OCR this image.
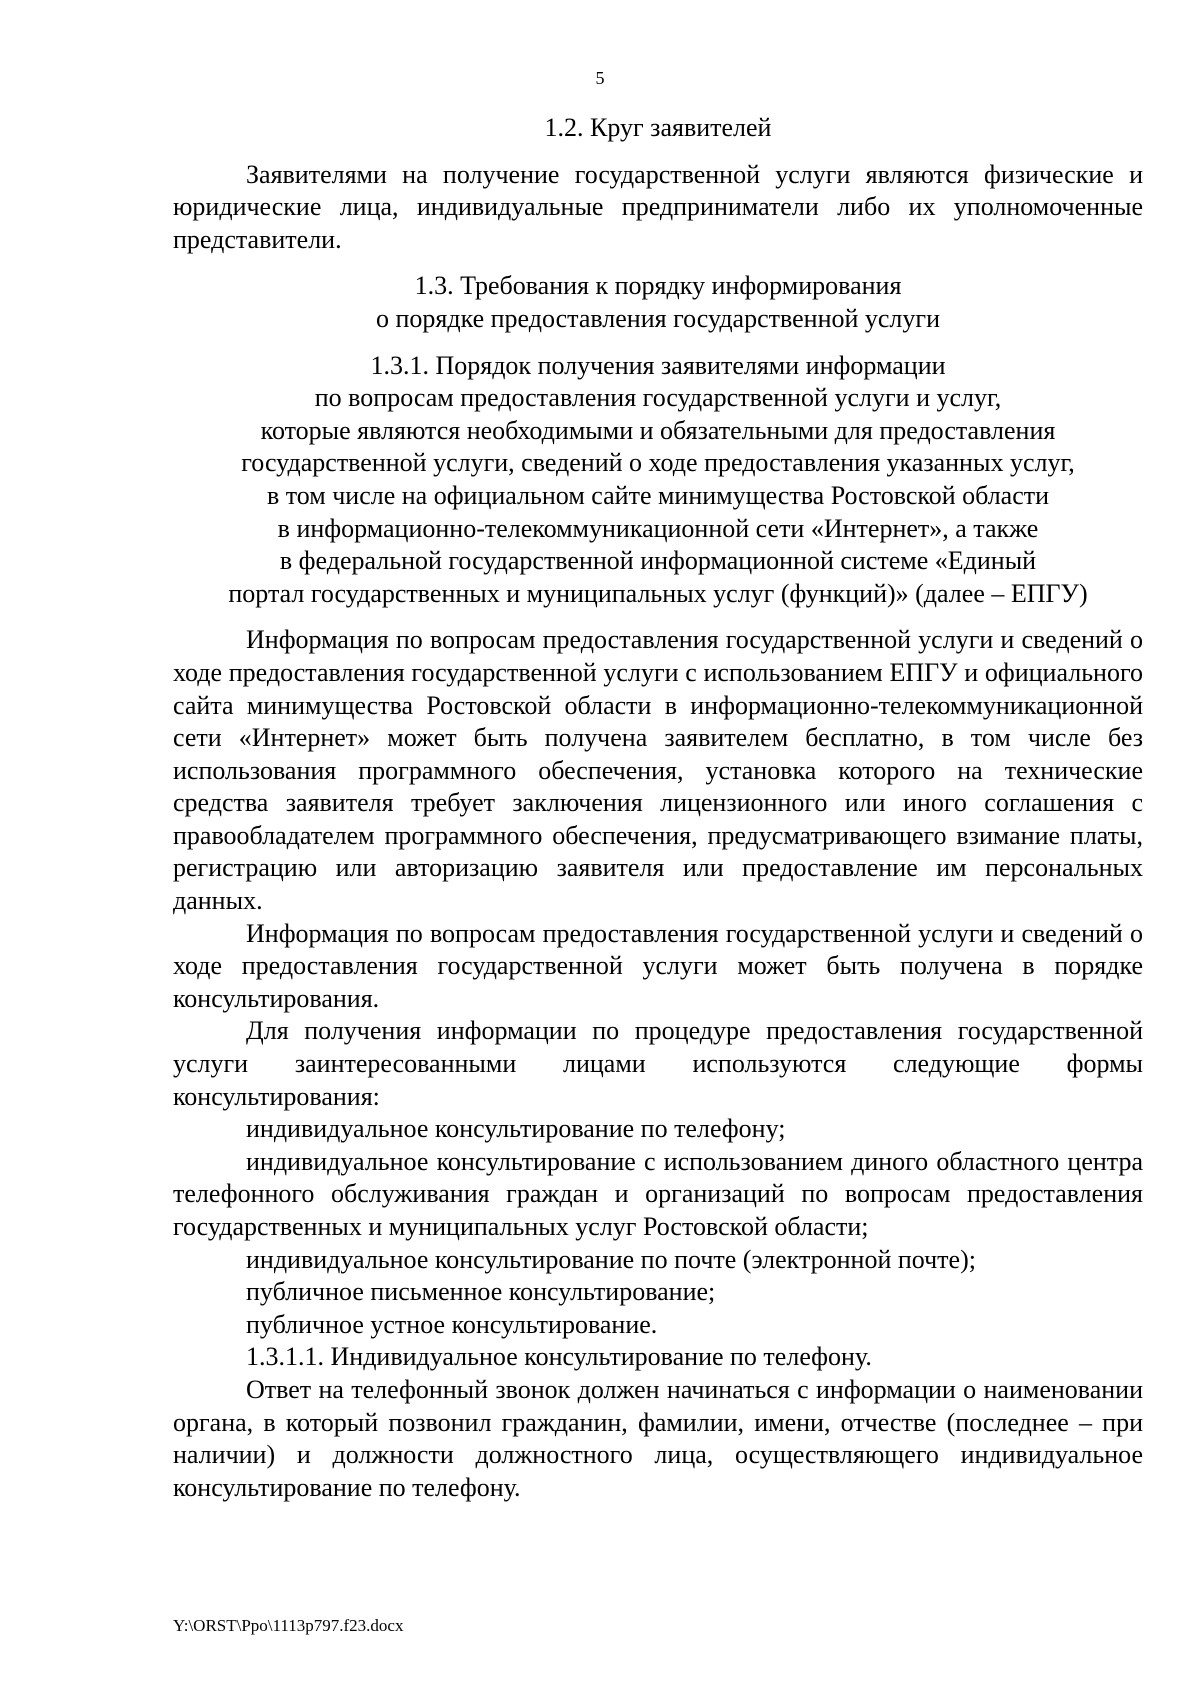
5
1.2. Круг заявителей

Заявителями на получение государственной услуги являются физические и юридические лица, индивидуальные предприниматели либо их уполномоченные представители.

1.3. Требования к порядку информирования
о порядке предоставления государственной услуги
1.3.1. Порядок получения заявителями информации
по вопросам предоставления государственной услуги и услуг,
которые являются необходимыми и обязательными для предоставления
государственной услуги, сведений о ходе предоставления указанных услуг,
в том числе на официальном сайте минимущества Ростовской области
в информационно-телекоммуникационной сети «Интернет», а также
в федеральной государственной информационной системе «Единый
портал государственных и муниципальных услуг (функций)» (далее – ЕПГУ)

Информация по вопросам предоставления государственной услуги и сведений о ходе предоставления государственной услуги с использованием ЕПГУ и официального сайта минимущества Ростовской области в информационно-телекоммуникационной сети «Интернет» может быть получена заявителем бесплатно, в том числе без использования программного обеспечения, установка которого на технические средства заявителя требует заключения лицензионного или иного соглашения с правообладателем программного обеспечения, предусматривающего взимание платы, регистрацию или авторизацию заявителя или предоставление им персональных данных.

Информация по вопросам предоставления государственной услуги и сведений о ходе предоставления государственной услуги может быть получена в порядке консультирования.

Для получения информации по процедуре предоставления государственной услуги заинтересованными лицами используются следующие формы консультирования:

индивидуальное консультирование по телефону;

индивидуальное консультирование с использованием диного областного центра телефонного обслуживания граждан и организаций по вопросам предоставления государственных и муниципальных услуг Ростовской области;

индивидуальное консультирование по почте (электронной почте);

публичное письменное консультирование;

публичное устное консультирование.

1.3.1.1. Индивидуальное консультирование по телефону.

Ответ на телефонный звонок должен начинаться с информации о наименовании органа, в который позвонил гражданин, фамилии, имени, отчестве (последнее – при наличии) и должности должностного лица, осуществляющего индивидуальное консультирование по телефону.

Y:\ORST\Ppo\1113p797.f23.docx
